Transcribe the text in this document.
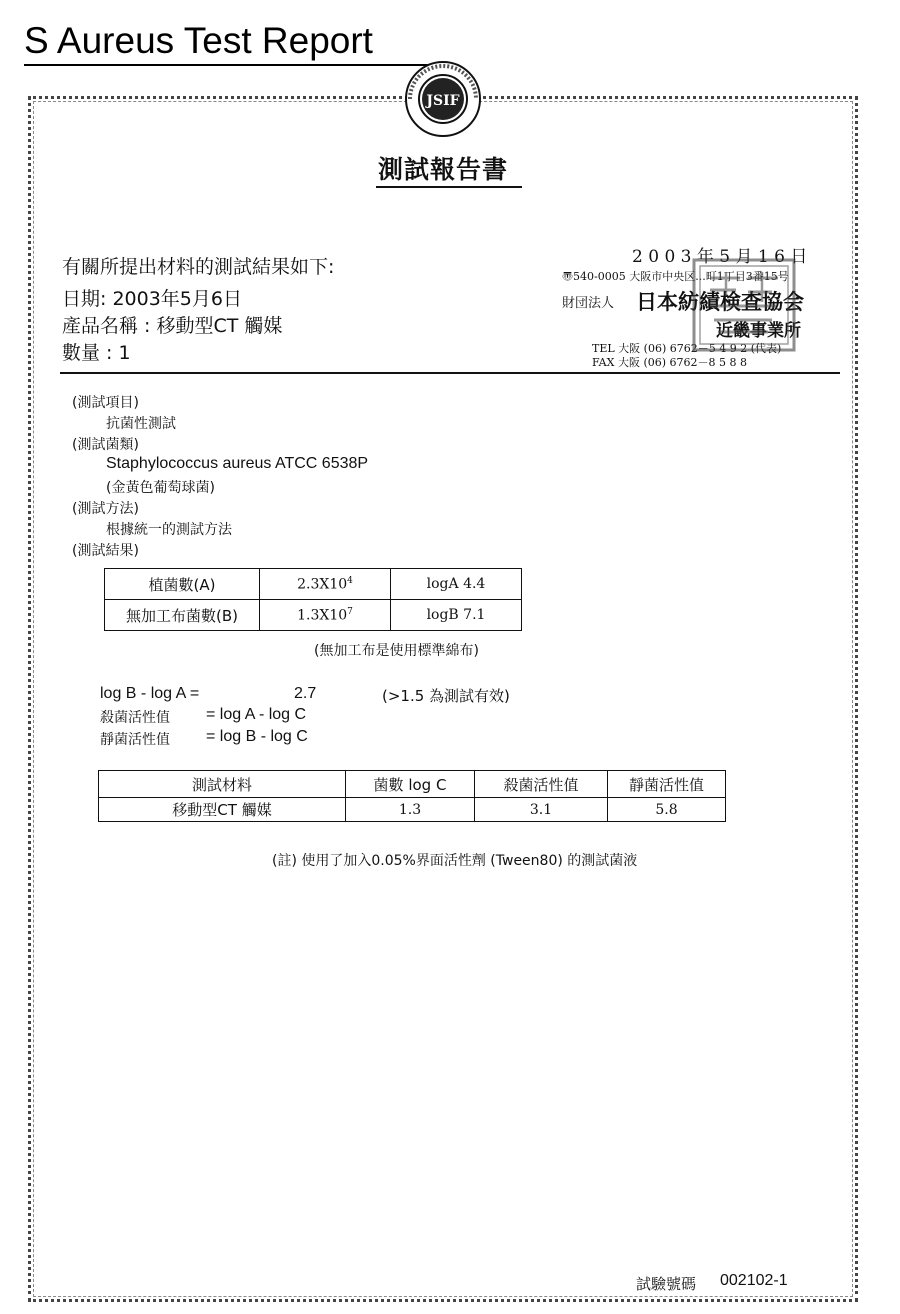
S Aureus Test Report
JSIF
測試報告書
有關所提出材料的測試結果如下:
日期: 2003年5月6日
產品名稱 : 移動型CT 觸媒
數量 : 1
2 0 0 3 年 5 月 1 6 日
〠540-0005 大阪市中央区...町1丁目3番15号
財団法人 日本紡績検査協会
近畿事業所
TEL 大阪 (06) 6762－5 4 9 2 (代表)
FAX 大阪 (06) 6762－8 5 8 8
(測試項目)
抗菌性測試
(測試菌類)
Staphylococcus aureus ATCC 6538P
(金黃色葡萄球菌)
(測試方法)
根據統一的測試方法
(測試結果)
植菌數(A)	$2.3X10^4$	logA 4.4
無加工布菌數(B)	$1.3X10^7$	logB 7.1
(無加工布是使用標準綿布)
log B - log A =	2.7	(>1.5 為測試有效)
殺菌活性值 = log A - log C
靜菌活性值 = log B - log C
測試材料	菌數 log C	殺菌活性值	靜菌活性值
移動型CT 觸媒	1.3	3.1	5.8
(註) 使用了加入0.05%界面活性劑 (Tween80) 的測試菌液
試驗號碼 002102-1
